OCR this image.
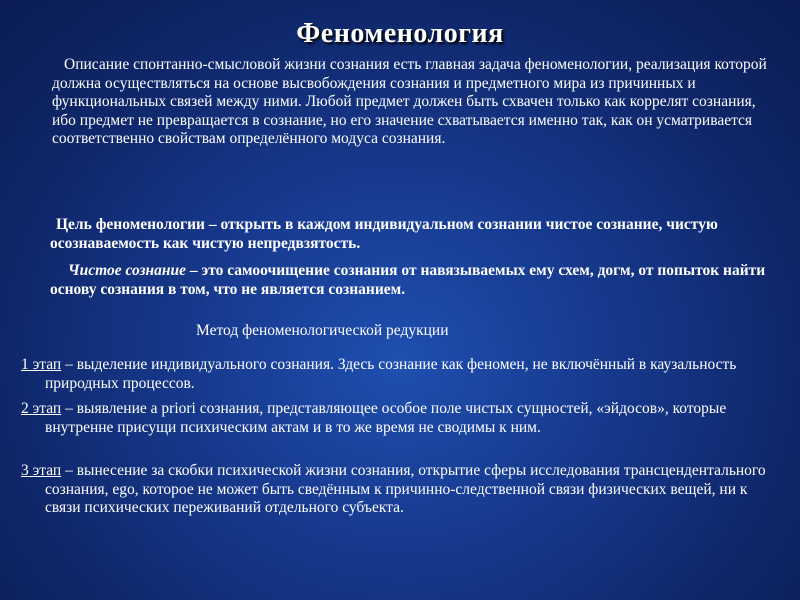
Феноменология
Описание спонтанно-смысловой жизни сознания есть главная задача феноменологии, реализация которой должна осуществляться на основе высвобождения сознания и предметного мира из причинных и функциональных связей между ними. Любой предмет должен быть схвачен только как коррелят сознания, ибо предмет не превращается в сознание, но его значение схватывается именно так, как он усматривается соответственно свойствам определённого модуса сознания.
Цель феноменологии – открыть в каждом индивидуальном сознании чистое сознание, чистую осознаваемость как чистую непредвзятость.
Чистое сознание – это самоочищение сознания от навязываемых ему схем, догм, от попыток найти основу сознания в том, что не является сознанием.
Метод феноменологической редукции
1 этап – выделение индивидуального сознания. Здесь сознание как феномен, не включённый в каузальность природных процессов.
2 этап – выявление а priori сознания, представляющее особое поле чистых сущностей, «эйдосов», которые внутренне присущи психическим актам и в то же время не сводимы к ним.
3 этап – вынесение за скобки психической жизни сознания, открытие сферы исследования трансцендентального сознания, ego, которое не может быть сведённым к причинно-следственной связи физических вещей, ни к связи психических переживаний отдельного субъекта.
